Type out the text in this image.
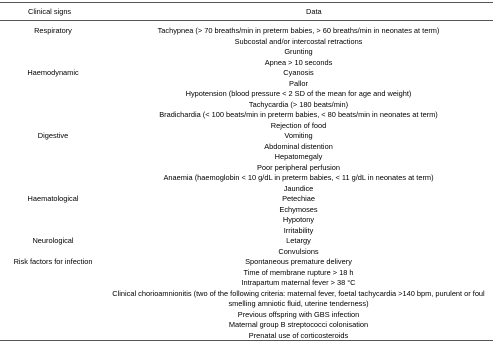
Clinical signs	Data
Respiratory
Haemodynamic
Digestive
Haematological
Neurological
Risk factors for infection
Tachypnea (> 70 breaths/min in preterm babies, > 60 breaths/min in neonates at term)
Subcostal and/or intercostal retractions
Grunting
Apnea > 10 seconds
Cyanosis
Pallor
Hypotension (blood pressure < 2 SD of the mean for age and weight)
Tachycardia (> 180 beats/min)
Bradichardia (< 100 beats/min in preterm babies, < 80 beats/min in neonates at term)
Rejection of food
Vomiting
Abdominal distention
Hepatomegaly
Poor peripheral perfusion
Anaemia (haemoglobin < 10 g/dL in preterm babies, < 11 g/dL in neonates at term)
Jaundice
Petechiae
Echymoses
Hypotony
Irritability
Letargy
Convulsions
Spontaneous premature delivery
Time of membrane rupture > 18 h
Intrapartum maternal fever > 38 °C
Clinical chorioamnionitis (two of the following criteria: maternal fever, foetal tachycardia >140 bpm, purulent or foul
smelling amniotic fluid, uterine tenderness)
Previous offspring with GBS infection
Maternal group B streptococci colonisation
Prenatal use of corticosteroids
